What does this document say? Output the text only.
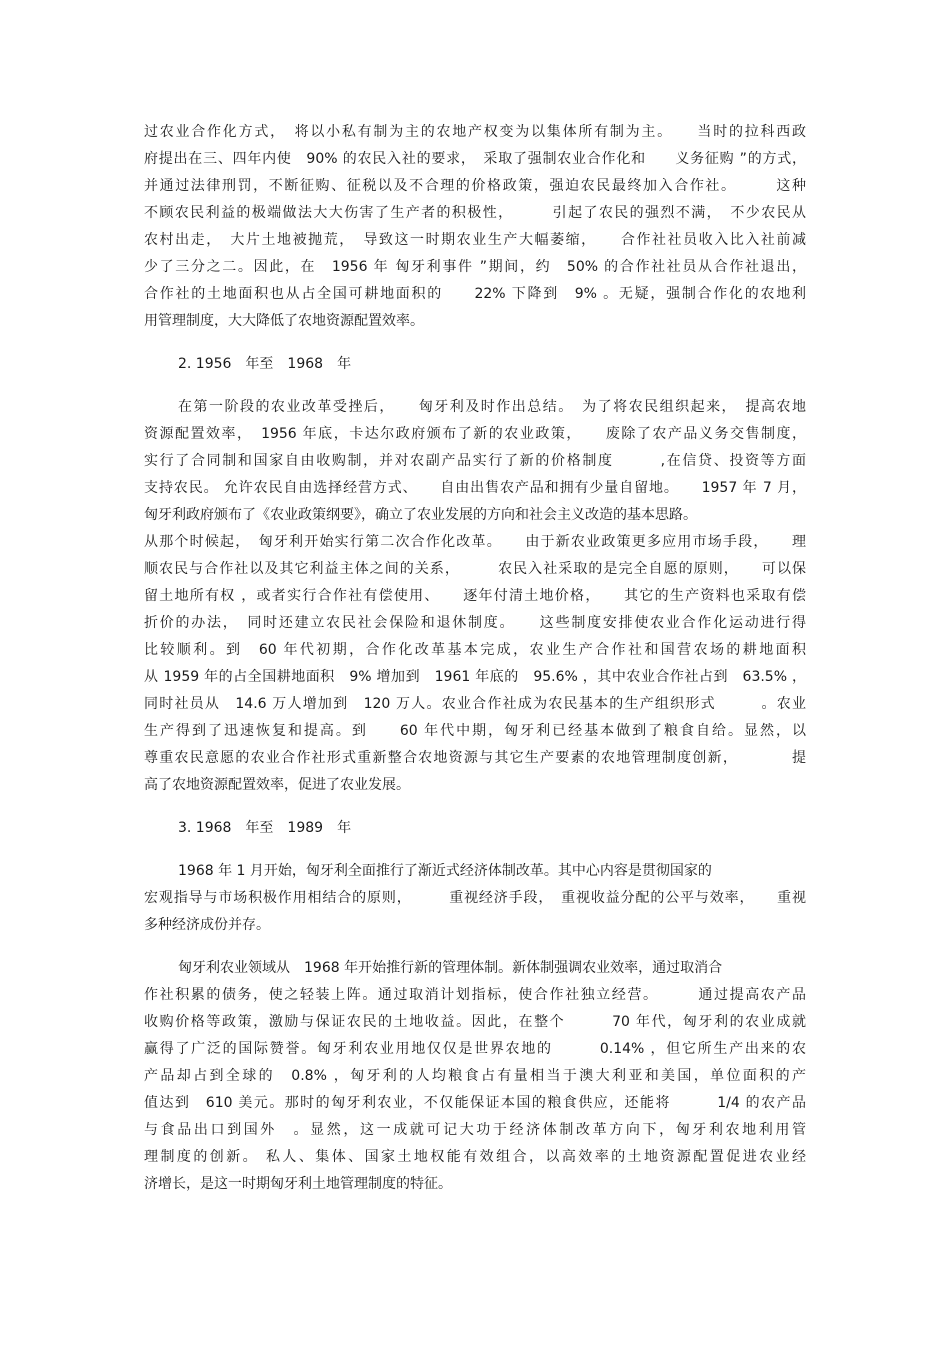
过农业合作化方式，　将以小私有制为主的农地产权变为以集体所有制为主。　　当时的拉科西政
府提出在三、四年内使　90% 的农民入社的要求，　采取了强制农业合作化和　　义务征购 ”的方式，
并通过法律刑罚，不断征购、征税以及不合理的价格政策，强迫农民最终加入合作社。　　　这种
不顾农民利益的极端做法大大伤害了生产者的积极性，　　　引起了农民的强烈不满，　不少农民从
农村出走，　大片土地被抛荒，　导致这一时期农业生产大幅萎缩，　　合作社社员收入比入社前减
少了三分之二。因此，在　1956 年 匈牙利事件 ”期间，约　50% 的合作社社员从合作社退出，
合作社的土地面积也从占全国可耕地面积的　　22% 下降到　9% 。无疑，强制合作化的农地利
用管理制度，大大降低了农地资源配置效率。
2. 1956　年至　1968　年
在第一阶段的农业改革受挫后，　　匈牙利及时作出总结。　为了将农民组织起来，　提高农地
资源配置效率，　1956 年底，卡达尔政府颁布了新的农业政策，　　废除了农产品义务交售制度，
实行了合同制和国家自由收购制，并对农副产品实行了新的价格制度　　　,在信贷、投资等方面
支持农民。 允许农民自由选择经营方式、　　自由出售农产品和拥有少量自留地。　　1957 年 7 月，
匈牙利政府颁布了《农业政策纲要》，确立了农业发展的方向和社会主义改造的基本思路。
从那个时候起，　匈牙利开始实行第二次合作化改革。　　由于新农业政策更多应用市场手段，　　理
顺农民与合作社以及其它利益主体之间的关系，　　　农民入社采取的是完全自愿的原则，　　可以保
留土地所有权 ，或者实行合作社有偿使用、　　逐年付清土地价格，　　其它的生产资料也采取有偿
折价的办法，　同时还建立农民社会保险和退休制度。　　这些制度安排使农业合作化运动进行得
比较顺利。到　60 年代初期，合作化改革基本完成，农业生产合作社和国营农场的耕地面积
从 1959 年的占全国耕地面积　9% 增加到　1961 年底的　95.6% ，其中农业合作社占到　63.5% ，
同时社员从　14.6 万人增加到　120 万人。农业合作社成为农民基本的生产组织形式　　　。农业
生产得到了迅速恢复和提高。到　　60 年代中期，匈牙利已经基本做到了粮食自给。显然，以
尊重农民意愿的农业合作社形式重新整合农地资源与其它生产要素的农地管理制度创新，　　　　提
高了农地资源配置效率，促进了农业发展。
3. 1968　年至　1989　年
1968 年 1 月开始，匈牙利全面推行了渐近式经济体制改革。其中心内容是贯彻国家的
宏观指导与市场积极作用相结合的原则，　　　重视经济手段，　重视收益分配的公平与效率，　　重视
多种经济成份并存。
匈牙利农业领域从　1968 年开始推行新的管理体制。新体制强调农业效率，通过取消合
作社积累的债务，使之轻装上阵。通过取消计划指标，使合作社独立经营。　　　通过提高农产品
收购价格等政策，激励与保证农民的土地收益。因此，在整个　　　70 年代，匈牙利的农业成就
赢得了广泛的国际赞誉。匈牙利农业用地仅仅是世界农地的　　　0.14% ，但它所生产出来的农
产品却占到全球的　0.8% ，匈牙利的人均粮食占有量相当于澳大利亚和美国，单位面积的产
值达到　610 美元。那时的匈牙利农业，不仅能保证本国的粮食供应，还能将　　　1/4 的农产品
与食品出口到国外　。显然，这一成就可记大功于经济体制改革方向下，匈牙利农地利用管
理制度的创新。 私人、集体、国家土地权能有效组合，以高效率的土地资源配置促进农业经
济增长，是这一时期匈牙利土地管理制度的特征。
